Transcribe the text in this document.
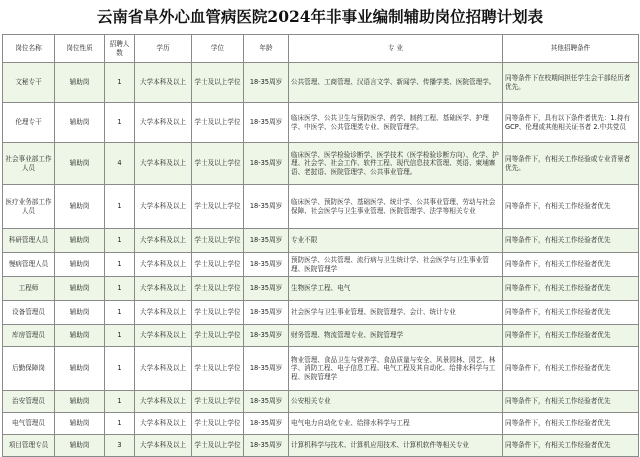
云南省阜外心血管病医院2024年非事业编制辅助岗位招聘计划表
岗位名称	岗位性质	招聘人数	学历	学位	年龄	专 业	其他招聘条件
文秘专干	辅助岗	1	大学本科及以上	学士及以上学位	18-35周岁	公共管理、工商管理、汉语言文学、新闻学、传播学类、医院管理学。	同等条件下在校期间担任学生会干部经历者优先。
伦理专干	辅助岗	1	大学本科及以上	学士及以上学位	18-35周岁	临床医学、公共卫生与预防医学、药学、制药工程、基础医学、护理学、中医学、公共管理类专业、医院管理学。	同等条件下，具有以下条件者优先：1.持有GCP、伦理或其他相关证书者 2.中共党员
社会事业部工作人员	辅助岗	4	大学本科及以上	学士及以上学位	18-35周岁	临床医学、医学检验诊断学、医学技术（医学检验诊断方向）、化学、护理、社会学、社会工作、软件工程、现代信息技术管理、英语、柬埔寨语、老挝语、医院管理学、公共事业管理。	同等条件下，有相关工作经验或专业背景者优先。
医疗业务部工作人员	辅助岗	1	大学本科及以上	学士及以上学位	18-35周岁	临床医学、预防医学、基础医学、统计学、公共事业管理、劳动与社会保障、社会医学与卫生事业管理、医院管理学、法学等相关专业	同等条件下，有相关工作经验者优先
科研管理人员	辅助岗	1	大学本科及以上	学士及以上学位	18-35周岁	专业不限	同等条件下，有相关工作经验者优先
慢病管理人员	辅助岗	1	大学本科及以上	学士及以上学位	18-35周岁	预防医学、公共管理、流行病与卫生统计学、社会医学与卫生事业管理、医院管理学	同等条件下，有相关工作经验者优先
工程师	辅助岗	1	大学本科及以上	学士及以上学位	18-35周岁	生物医学工程、电气	同等条件下，有相关工作经验者优先
设备管理员	辅助岗	1	大学本科及以上	学士及以上学位	18-35周岁	社会医学与卫生事业管理、医院管理学、会计、统计专业	同等条件下，有相关工作经验者优先
库房管理员	辅助岗	1	大学本科及以上	学士及以上学位	18-35周岁	财务管理、物流管理专业、医院管理学	同等条件下，有相关工作经验者优先
后勤保障岗	辅助岗	1	大学本科及以上	学士及以上学位	18-35周岁	物业管理、食品卫生与营养学、食品质量与安全、风景园林、园艺、林学、消防工程、电子信息工程、电气工程及其自动化、给排水科学与工程、医院管理学	同等条件下，有相关工作经验者优先
治安管理员	辅助岗	1	大学本科及以上	学士及以上学位	18-35周岁	公安相关专业	同等条件下，有相关工作经验者优先
电气管理员	辅助岗	1	大学本科及以上	学士及以上学位	18-35周岁	电气电力自动化专业、给排水科学与工程	同等条件下，有相关工作经验者优先
项目管理专员	辅助岗	3	大学本科及以上	学士及以上学位	18-35周岁	计算机科学与技术、计算机应用技术、计算机软件等相关专业	同等条件下，有相关工作经验者优先
